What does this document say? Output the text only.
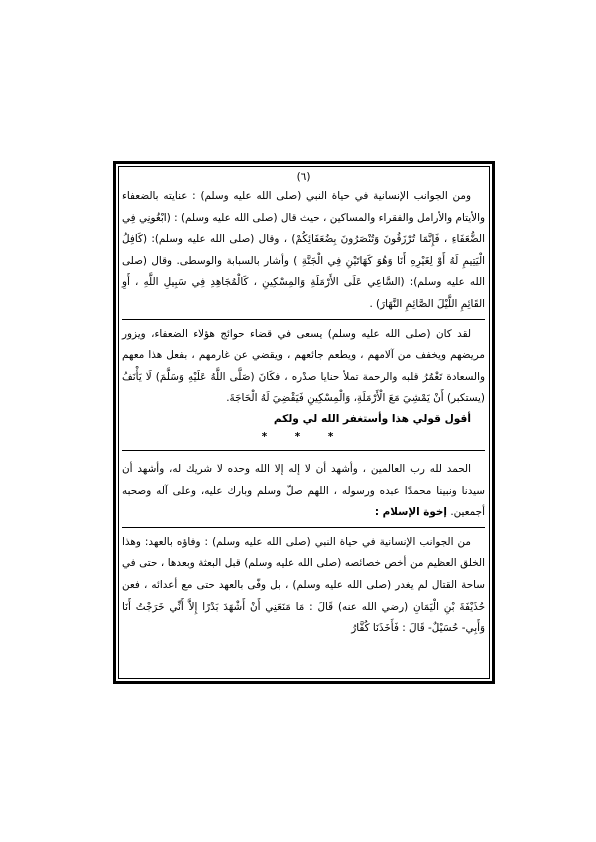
(٦)

ومن الجوانب الإنسانية في حياة النبي (صلى الله عليه وسلم) : عنايته بالضعفاء والأيتام والأرامل والفقراء والمساكين ، حيث قال (صلى الله عليه وسلم) : (ابْغُونِي فِي الضُّعَفَاءِ ، فَإِنَّمَا تُرْزَقُونَ وَتُنْصَرُونَ بِضُعَفَائِكُمْ) ، وقال (صلى الله عليه وسلم): (كَافِلُ الْيَتِيمِ لَهُ أَوْ لِغَيْرِهِ أَنَا وَهُوَ كَهَاتَيْنِ فِي الْجَنَّةِ ) وأشار بالسبابة والوسطى. وقال (صلى الله عليه وسلم): (السَّاعِي عَلَى الأَرْمَلَةِ وَالمِسْكِينِ ، كَالْمُجَاهِدِ فِي سَبِيلِ اللَّهِ ، أَوِ القَائِمِ اللَّيْلَ الصَّائِمِ النَّهَارَ) .

لقد كان (صلى الله عليه وسلم) يسعى في قضاء حوائج هؤلاء الضعفاء، ويزور مريضهم ويخفف من آلامهم ، ويطعم جائعهم ، ويقضي عن غارمهم ، بفعل هذا معهم والسعادة تَغْمُرُ قلبه والرحمة تملأ حنايا صدْره ، فكَانَ (صَلَّى اللَّهُ عَلَيْهِ وَسَلَّمَ) لَا يَأْنَفُ (يستكبر) أَنْ يَمْشِيَ مَعَ الْأَرْمَلَةِ، وَالْمِسْكِينِ فَيَقْضِيَ لَهُ الْحَاجَةَ.

أقول قولي هذا وأستغفر الله لي ولكم
* * *

الحمد لله رب العالمين ، وأشهد أن لا إله إلا الله وحده لا شريك له، وأشهد أن سيدنا ونبينا محمدًا عبده ورسوله ، اللهم صلّ وسلم وبارك عليه، وعلى آله وصحبه أجمعين. إخوة الإسلام :

من الجوانب الإنسانية في حياة النبي (صلى الله عليه وسلم) : وفاؤه بالعهد: وهذا الخلق العظيم من أخص خصائصه (صلى الله عليه وسلم) قبل البعثة وبعدها ، حتى في ساحة القتال لم يغدر (صلى الله عليه وسلم) ، بل وفّى بالعهد حتى مع أعدائه ، فعن حُذَيْفَةَ بْنِ الْيَمَانِ (رضي الله عنه) قَالَ : مَا مَنَعَنِي أَنْ أَشْهَدَ بَدْرًا إِلاَّ أَنِّي خَرَجْتُ أَنَا وَأَبِي- حُسَيْلٌ- قَالَ : فَأَخَذَنَا كُفَّارُ
